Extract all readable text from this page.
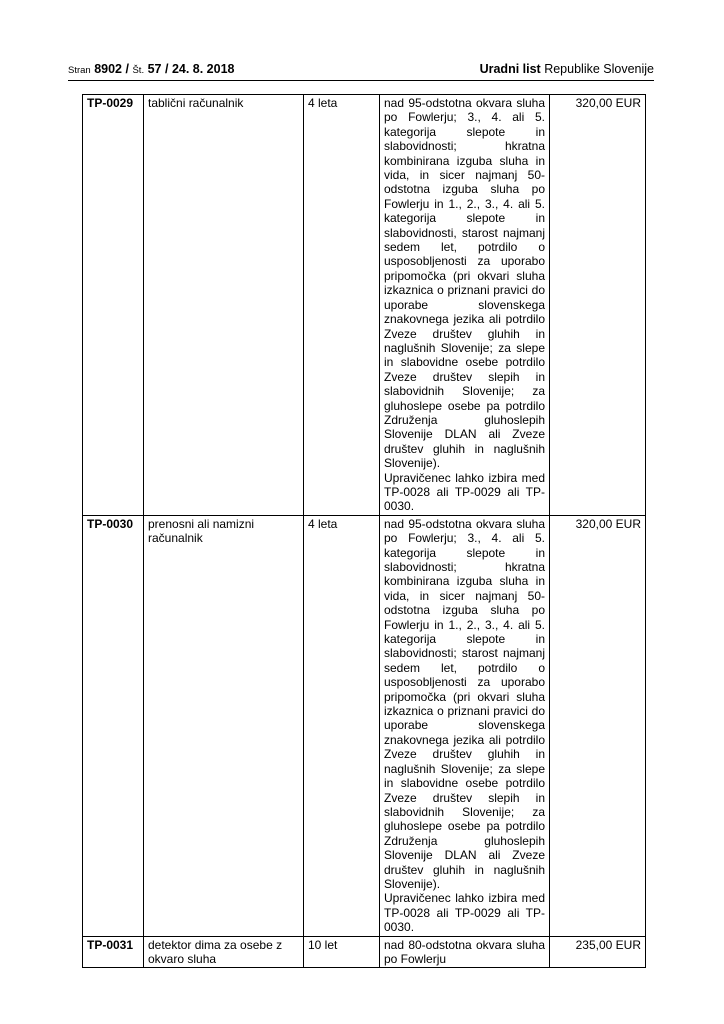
Stran 8902 / Št. 57 / 24. 8. 2018	Uradni list Republike Slovenije
TP-0029	tablični računalnik	4 leta	nad 95-odstotna okvara sluha po Fowlerju; 3., 4. ali 5. kategorija slepote in slabovidnosti; hkratna kombinirana izguba sluha in vida, in sicer najmanj 50-odstotna izguba sluha po Fowlerju in 1., 2., 3., 4. ali 5. kategorija slepote in slabovidnosti, starost najmanj sedem let, potrdilo o usposobljenosti za uporabo pripomočka (pri okvari sluha izkaznica o priznani pravici do uporabe slovenskega znakovnega jezika ali potrdilo Zveze društev gluhih in naglušnih Slovenije; za slepe in slabovidne osebe potrdilo Zveze društev slepih in slabovidnih Slovenije; za gluhoslepe osebe pa potrdilo Združenja gluhoslepih Slovenije DLAN ali Zveze društev gluhih in naglušnih Slovenije).
Upravičenec lahko izbira med TP-0028 ali TP-0029 ali TP-0030.	320,00 EUR
TP-0030	prenosni ali namizni računalnik	4 leta	nad 95-odstotna okvara sluha po Fowlerju; 3., 4. ali 5. kategorija slepote in slabovidnosti; hkratna kombinirana izguba sluha in vida, in sicer najmanj 50-odstotna izguba sluha po Fowlerju in 1., 2., 3., 4. ali 5. kategorija slepote in slabovidnosti; starost najmanj sedem let, potrdilo o usposobljenosti za uporabo pripomočka (pri okvari sluha izkaznica o priznani pravici do uporabe slovenskega znakovnega jezika ali potrdilo Zveze društev gluhih in naglušnih Slovenije; za slepe in slabovidne osebe potrdilo Zveze društev slepih in slabovidnih Slovenije; za gluhoslepe osebe pa potrdilo Združenja gluhoslepih Slovenije DLAN ali Zveze društev gluhih in naglušnih Slovenije).
Upravičenec lahko izbira med TP-0028 ali TP-0029 ali TP-0030.	320,00 EUR
TP-0031	detektor dima za osebe z okvaro sluha	10 let	nad 80-odstotna okvara sluha po Fowlerju	235,00 EUR
